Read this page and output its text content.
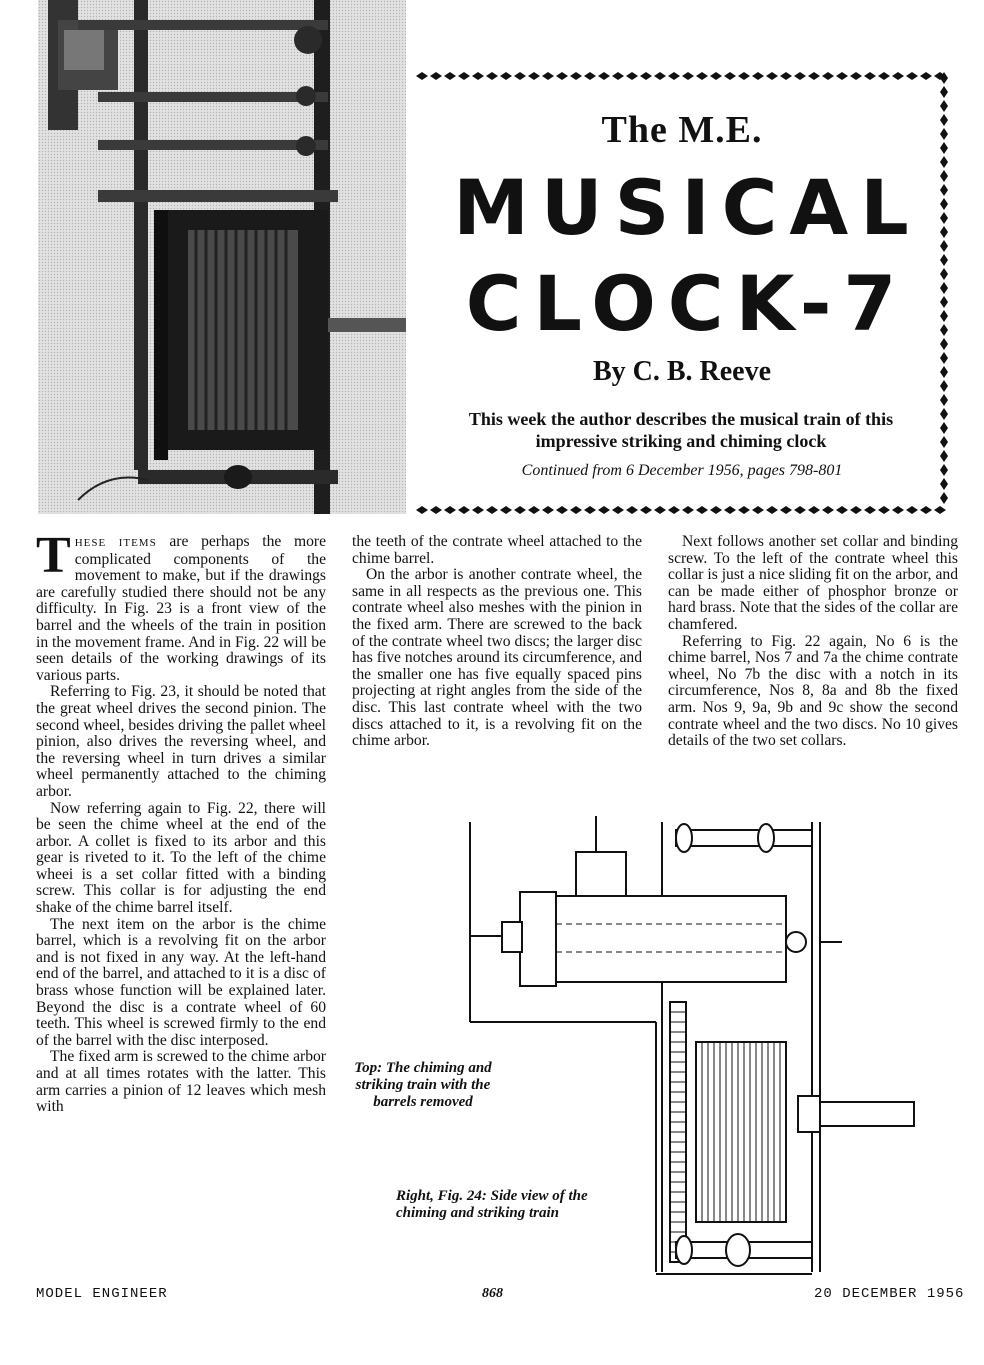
The M.E.
MUSICAL
CLOCK-7
By C. B. Reeve
This week the author describes the musical train of this impressive striking and chiming clock
Continued from 6 December 1956, pages 798-801

THESE ITEMS are perhaps the more complicated components of the movement to make, but if the drawings are carefully studied there should not be any difficulty. In Fig. 23 is a front view of the barrel and the wheels of the train in position in the movement frame. And in Fig. 22 will be seen details of the working drawings of its various parts.

Referring to Fig. 23, it should be noted that the great wheel drives the second pinion. The second wheel, besides driving the pallet wheel pinion, also drives the reversing wheel, and the reversing wheel in turn drives a similar wheel permanently attached to the chiming arbor.

Now referring again to Fig. 22, there will be seen the chime wheel at the end of the arbor. A collet is fixed to its arbor and this gear is riveted to it. To the left of the chime wheei is a set collar fitted with a binding screw. This collar is for adjusting the end shake of the chime barrel itself.

The next item on the arbor is the chime barrel, which is a revolving fit on the arbor and is not fixed in any way. At the left-hand end of the barrel, and attached to it is a disc of brass whose function will be explained later. Beyond the disc is a contrate wheel of 60 teeth. This wheel is screwed firmly to the end of the barrel with the disc interposed.

The fixed arm is screwed to the chime arbor and at all times rotates with the latter. This arm carries a pinion of 12 leaves which mesh with

the teeth of the contrate wheel attached to the chime barrel.

On the arbor is another contrate wheel, the same in all respects as the previous one. This contrate wheel also meshes with the pinion in the fixed arm. There are screwed to the back of the contrate wheel two discs; the larger disc has five notches around its circumference, and the smaller one has five equally spaced pins projecting at right angles from the side of the disc. This last contrate wheel with the two discs attached to it, is a revolving fit on the chime arbor.

Next follows another set collar and binding screw. To the left of the contrate wheel this collar is just a nice sliding fit on the arbor, and can be made either of phosphor bronze or hard brass. Note that the sides of the collar are chamfered.

Referring to Fig. 22 again, No 6 is the chime barrel, Nos 7 and 7a the chime contrate wheel, No 7b the disc with a notch in its circumference, Nos 8, 8a and 8b the fixed arm. Nos 9, 9a, 9b and 9c show the second contrate wheel and the two discs. No 10 gives details of the two set collars.

Top: The chiming and striking train with the barrels removed
Right, Fig. 24: Side view of the chiming and striking train
MODEL ENGINEER	868	20 DECEMBER 1956
